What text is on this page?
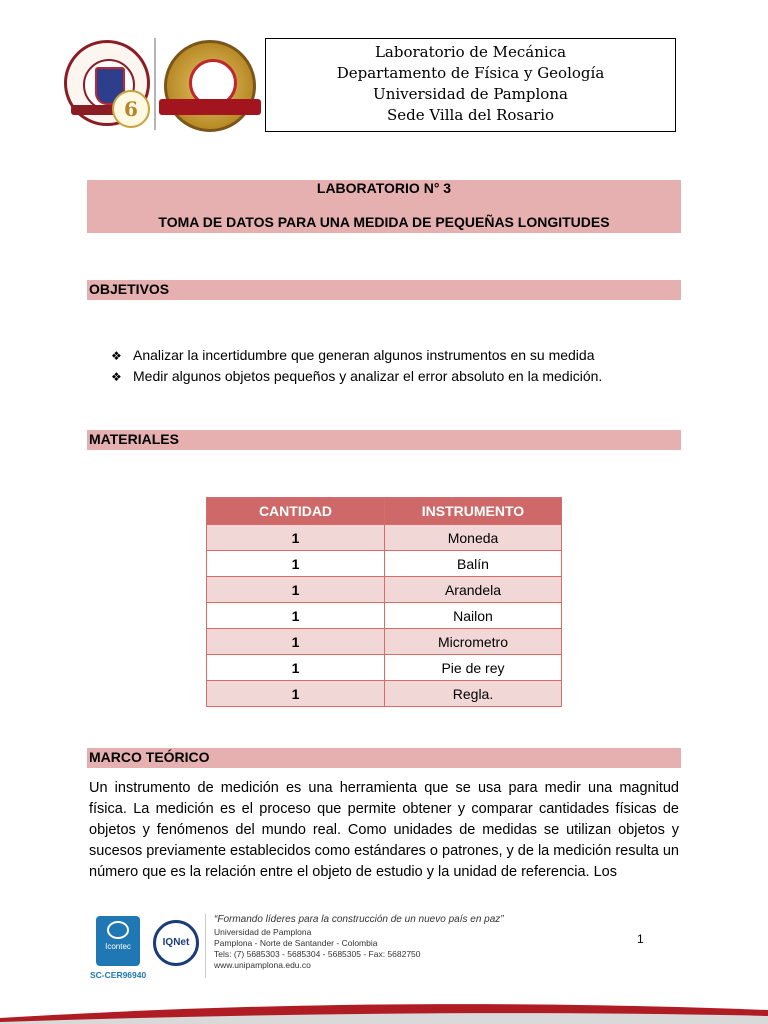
6
Laboratorio de Mecánica
Departamento de Física y Geología
Universidad de Pamplona
Sede Villa del Rosario
LABORATORIO N° 3
TOMA DE DATOS PARA UNA MEDIDA DE PEQUEÑAS LONGITUDES
OBJETIVOS
❖ Analizar la incertidumbre que generan algunos instrumentos en su medida
❖ Medir algunos objetos pequeños y analizar el error absoluto en la medición.
MATERIALES
CANTIDAD	INSTRUMENTO
1	Moneda
1	Balín
1	Arandela
1	Nailon
1	Micrometro
1	Pie de rey
1	Regla.
MARCO TEÓRICO
Un instrumento de medición es una herramienta que se usa para medir una magnitud física. La medición es el proceso que permite obtener y comparar cantidades físicas de objetos y fenómenos del mundo real. Como unidades de medidas se utilizan objetos y sucesos previamente establecidos como estándares o patrones, y de la medición resulta un número que es la relación entre el objeto de estudio y la unidad de referencia. Los
Icontec
SC-CER96940
IQNet
“Formando líderes para la construcción de un nuevo país en paz”
Universidad de Pamplona
Pamplona - Norte de Santander - Colombia
Tels: (7) 5685303 - 5685304 - 5685305 - Fax: 5682750
www.unipamplona.edu.co
1
